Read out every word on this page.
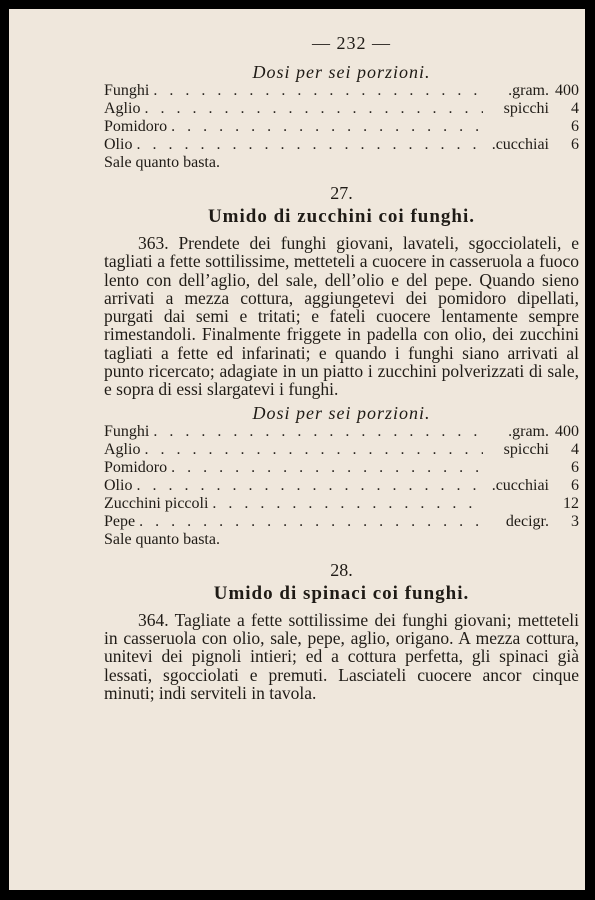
— 232 —
Dosi per sei porzioni.
Funghi . . .	.gram. 400
Aglio . . .	spicchi	4
Pomidoro . . .	6
Olio . . .	.cucchiai	6
Sale quanto basta.
27.
Umido di zucchini coi funghi.

363. Prendete dei funghi giovani, lavateli, sgocciolateli, e tagliati a fette sottilissime, metteteli a cuocere in casseruola a fuoco lento con dell’aglio, del sale, dell’olio e del pepe. Quando sieno arrivati a mezza cottura, aggiungetevi dei pomidoro dipellati, purgati dai semi e tritati; e fateli cuocere lentamente sempre rimestandoli. Finalmente friggete in padella con olio, dei zucchini tagliati a fette ed infarinati; e quando i funghi siano arrivati al punto ricercato; adagiate in un piatto i zucchini polverizzati di sale, e sopra di essi slargatevi i funghi.

Dosi per sei porzioni.
Funghi . . .	.gram. 400
Aglio . . .	spicchi	4
Pomidoro . . .	6
Olio . . .	.cucchiai	6
Zucchini piccoli . . .	12
Pepe . . .	decigr.	3
Sale quanto basta.
28.
Umido di spinaci coi funghi.

364. Tagliate a fette sottilissime dei funghi giovani; metteteli in casseruola con olio, sale, pepe, aglio, origano. A mezza cottura, unitevi dei pignoli intieri; ed a cottura perfetta, gli spinaci già lessati, sgocciolati e premuti. Lasciateli cuocere ancor cinque minuti; indi serviteli in tavola.
